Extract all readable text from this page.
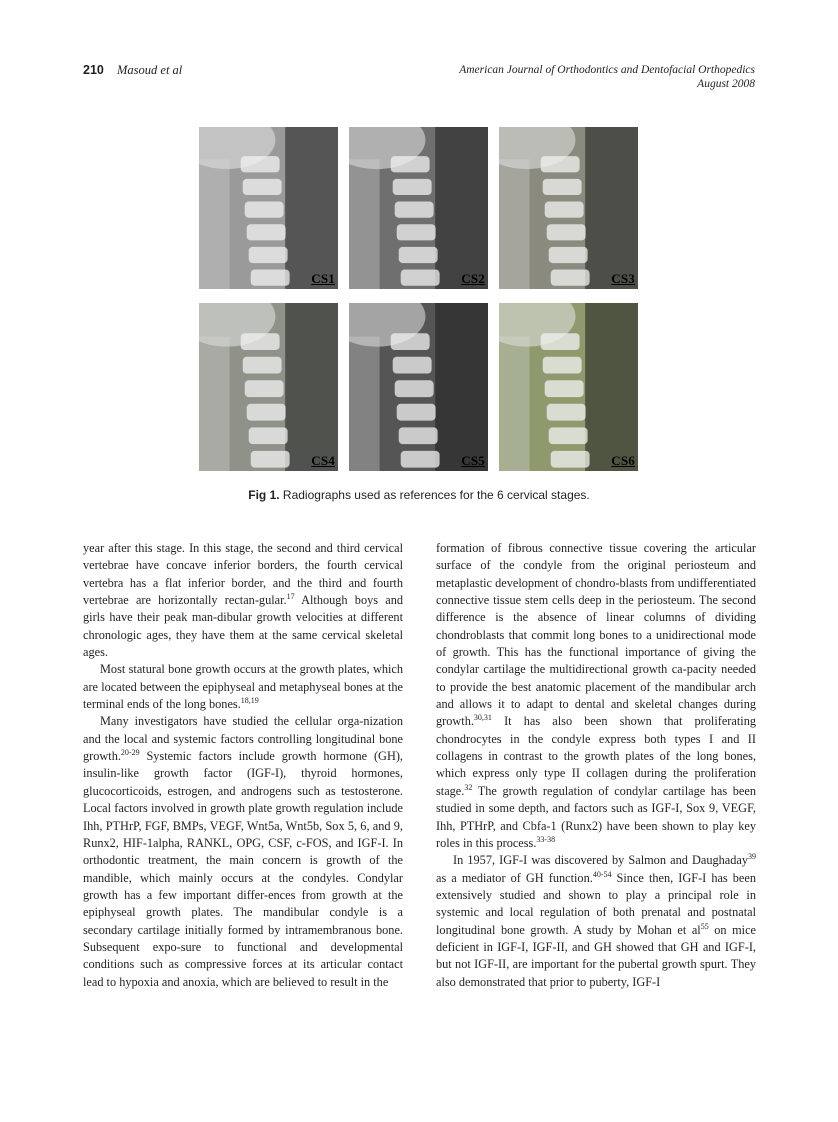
210 Masoud et al	American Journal of Orthodontics and Dentofacial Orthopedics
August 2008
CS1	CS2	CS3
CS4	CS5	CS6
Fig 1. Radiographs used as references for the 6 cervical stages.

year after this stage. In this stage, the second and third cervical vertebrae have concave inferior borders, the fourth cervical vertebra has a flat inferior border, and the third and fourth vertebrae are horizontally rectan-gular.$^{17}$ Although boys and girls have their peak man-dibular growth velocities at different chronologic ages, they have them at the same cervical skeletal ages.

Most statural bone growth occurs at the growth plates, which are located between the epiphyseal and metaphyseal bones at the terminal ends of the long bones.$^{18,19}$

Many investigators have studied the cellular orga-nization and the local and systemic factors controlling longitudinal bone growth.$^{20-29}$ Systemic factors include growth hormone (GH), insulin-like growth factor (IGF-I), thyroid hormones, glucocorticoids, estrogen, and androgens such as testosterone. Local factors involved in growth plate growth regulation include Ihh, PTHrP, FGF, BMPs, VEGF, Wnt5a, Wnt5b, Sox 5, 6, and 9, Runx2, HIF-1alpha, RANKL, OPG, CSF, c-FOS, and IGF-I. In orthodontic treatment, the main concern is growth of the mandible, which mainly occurs at the condyles. Condylar growth has a few important differ-ences from growth at the epiphyseal growth plates. The mandibular condyle is a secondary cartilage initially formed by intramembranous bone. Subsequent expo-sure to functional and developmental conditions such as compressive forces at its articular contact lead to hypoxia and anoxia, which are believed to result in the

formation of fibrous connective tissue covering the articular surface of the condyle from the original periosteum and metaplastic development of chondro-blasts from undifferentiated connective tissue stem cells deep in the periosteum. The second difference is the absence of linear columns of dividing chondroblasts that commit long bones to a unidirectional mode of growth. This has the functional importance of giving the condylar cartilage the multidirectional growth ca-pacity needed to provide the best anatomic placement of the mandibular arch and allows it to adapt to dental and skeletal changes during growth.$^{30,31}$ It has also been shown that proliferating chondrocytes in the condyle express both types I and II collagens in contrast to the growth plates of the long bones, which express only type II collagen during the proliferation stage.$^{32}$ The growth regulation of condylar cartilage has been studied in some depth, and factors such as IGF-I, Sox 9, VEGF, Ihh, PTHrP, and Cbfa-1 (Runx2) have been shown to play key roles in this process.$^{33-38}$

In 1957, IGF-I was discovered by Salmon and Daughaday$^{39}$ as a mediator of GH function.$^{40-54}$ Since then, IGF-I has been extensively studied and shown to play a principal role in systemic and local regulation of both prenatal and postnatal longitudinal bone growth. A study by Mohan et $al^{55}$ on mice deficient in IGF-I, IGF-II, and GH showed that GH and IGF-I, but not IGF-II, are important for the pubertal growth spurt. They also demonstrated that prior to puberty, IGF-I
